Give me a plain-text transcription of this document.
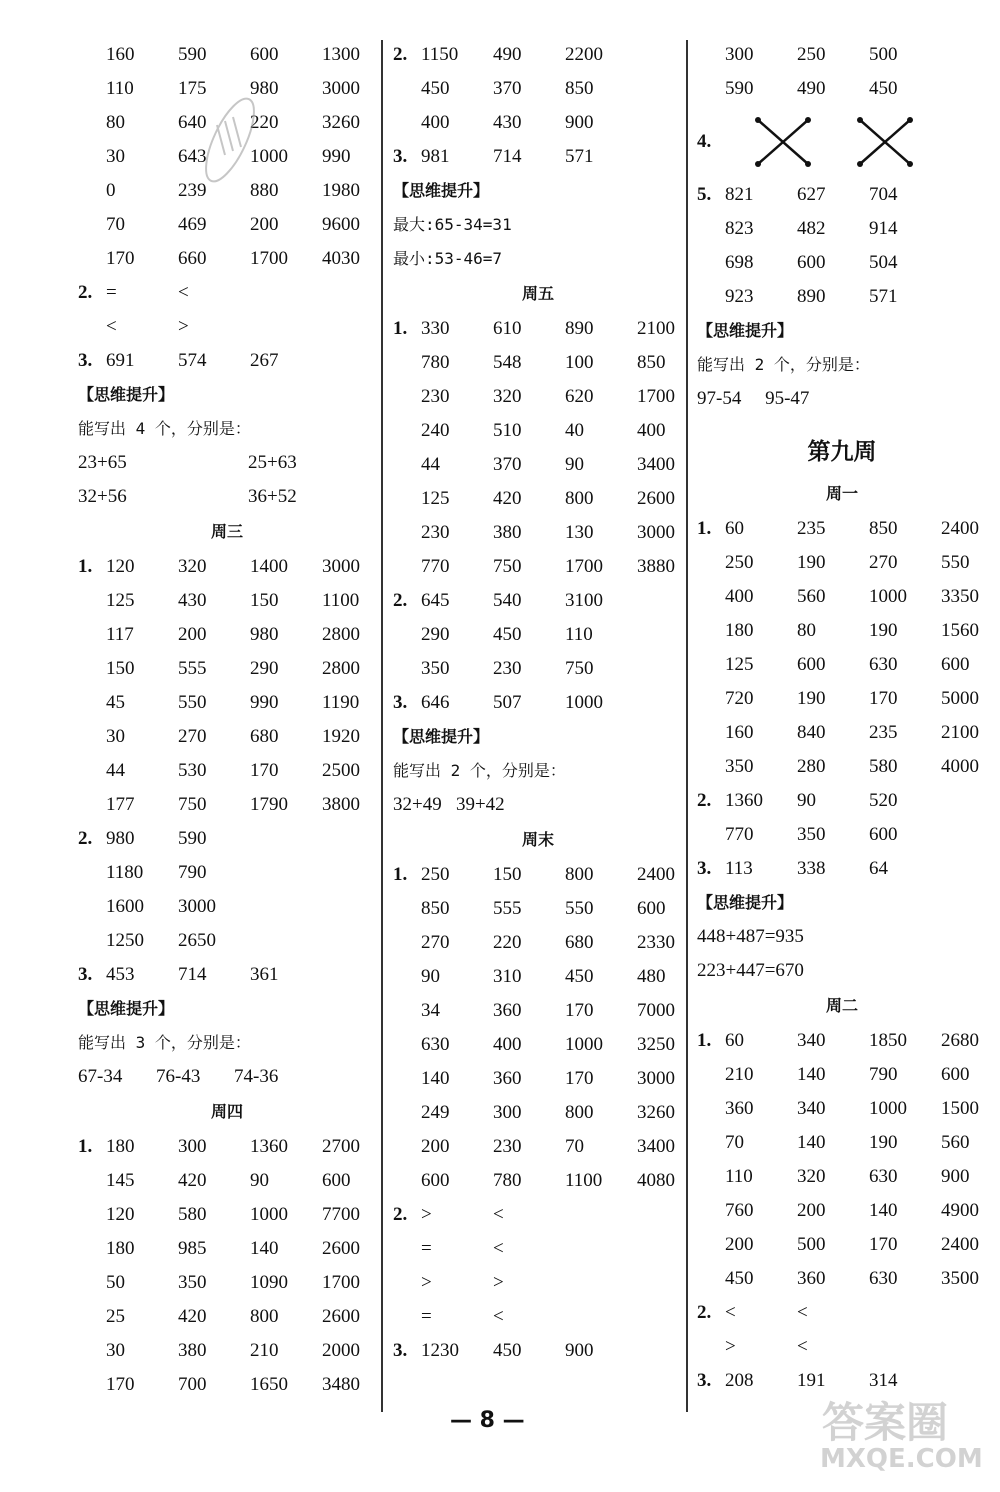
160	590	600	1300
110	175	980	3000
80	640	220	3260
30	643	1000	990
0	239	880	1980
70	469	200	9600
170	660	1700	4030
2. =	<
<	>
3. 691	574	267
【思维提升】
能写出 4 个，分别是：
23+65	25+63
32+56	36+52
周三
1. 120	320	1400	3000
125	430	150	1100
117	200	980	2800
150	555	290	2800
45	550	990	1190
30	270	680	1920
44	530	170	2500
177	750	1790	3800
2. 980	590
1180	790
1600	3000
1250	2650
3. 453	714	361
【思维提升】
能写出 3 个，分别是：
67-34	76-43	74-36
周四
1. 180	300	1360	2700
145	420	90	600
120	580	1000	7700
180	985	140	2600
50	350	1090	1700
25	420	800	2600
30	380	210	2000
170	700	1650	3480
2. 1150	490	2200
450	370	850
400	430	900
3. 981	714	571
【思维提升】
最大:65-34=31
最小:53-46=7
周五
1. 330	610	890	2100
780	548	100	850
230	320	620	1700
240	510	40	400
44	370	90	3400
125	420	800	2600
230	380	130	3000
770	750	1700	3880
2. 645	540	3100
290	450	110
350	230	750
3. 646	507	1000
【思维提升】
能写出 2 个，分别是：
32+49   39+42
周末
1. 250	150	800	2400
850	555	550	600
270	220	680	2330
90	310	450	480
34	360	170	7000
630	400	1000	3250
140	360	170	3000
249	300	800	3260
200	230	70	3400
600	780	1100	4080
2. >	<
=	<
>	>
=	<
3. 1230	450	900
300	250	500
590	490	450
4.
5. 821	627	704
823	482	914
698	600	504
923	890	571
【思维提升】
能写出 2 个，分别是：
97-54     95-47
第九周
周一
1. 60	235	850	2400
250	190	270	550
400	560	1000	3350
180	80	190	1560
125	600	630	600
720	190	170	5000
160	840	235	2100
350	280	580	4000
2. 1360	90	520
770	350	600
3. 113	338	64
【思维提升】
448+487=935
223+447=670
周二
1. 60	340	1850	2680
210	140	790	600
360	340	1000	1500
70	140	190	560
110	320	630	900
760	200	140	4900
200	500	170	2400
450	360	630	3500
2. <	<
>	<
3. 208	191	314
— 8 —	答案圈
MXQE.COM
